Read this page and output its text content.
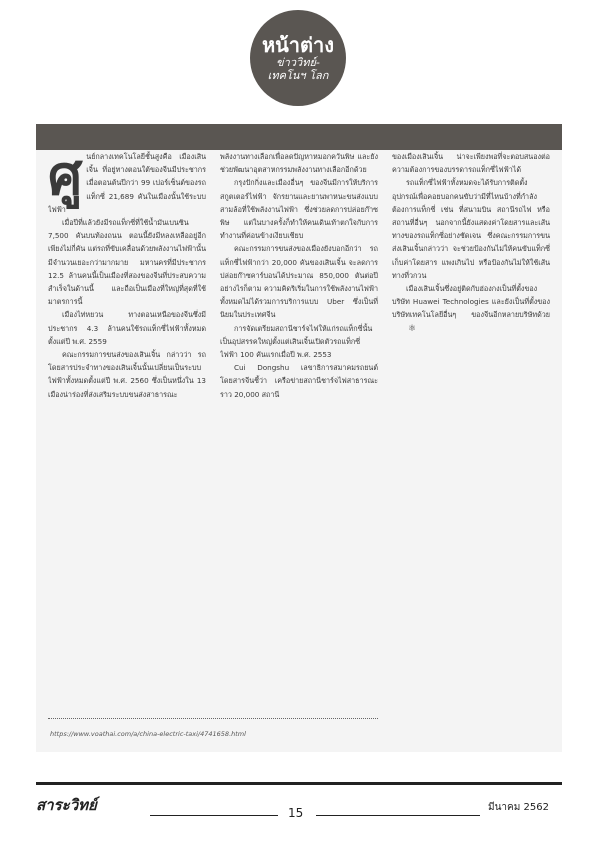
หน้าต่าง
ข่าววิทย์-
เทคโนฯ โลก

ศูนย์กลางเทคโนโลยีชั้นสูงคือ เมืองเสินเจิ้น ที่อยู่ทางตอนใต้ของจีนมีประชากรเมื่อตอนต้นปีกว่า 99 เปอร์เซ็นต์ของรถแท็กซี่ 21,689 คันในเมืองนั้นใช้ระบบไฟฟ้า

เมื่อปีที่แล้วยังมีรถแท็กซี่ที่ใช้น้ำมันเบนซิน 7,500 คันบนท้องถนน ตอนนี้ยังมีหลงเหลืออยู่อีกเพียงไม่กี่คัน แต่รถที่ขับเคลื่อนด้วยพลังงานไฟฟ้านั้นมีจำนวนเยอะกว่ามากมาย มหานครที่มีประชากร 12.5 ล้านคนนี้เป็นเมืองที่สองของจีนที่ประสบความสำเร็จในด้านนี้ และถือเป็นเมืองที่ใหญ่ที่สุดที่ใช้มาตรการนี้

เมืองไท่หยวน ทางตอนเหนือของจีนซึ่งมีประชากร 4.3 ล้านคนใช้รถแท็กซี่ไฟฟ้าทั้งหมดตั้งแต่ปี พ.ศ. 2559

คณะกรรมการขนส่งของเสินเจิ้น กล่าวว่า รถโดยสารประจำทางของเสินเจิ้นนั้นเปลี่ยนเป็นระบบไฟฟ้าทั้งหมดตั้งแต่ปี พ.ศ. 2560 ซึ่งเป็นหนึ่งใน 13 เมืองน่าร่องที่ส่งเสริมระบบขนส่งสาธารณะ

พลังงานทางเลือกเพื่อลดปัญหาหมอกควันพิษ และยังช่วยพัฒนาอุตสาหกรรมพลังงานทางเลือกอีกด้วย

กรุงปักกิ่งและเมืองอื่นๆ ของจีนมีการให้บริการสกูตเตอร์ไฟฟ้า จักรยานและยานพาหนะขนส่งแบบสามล้อที่ใช้พลังงานไฟฟ้า ซึ่งช่วยลดการปล่อยก๊าซพิษ แต่ในบางครั้งก็ทำให้คนเดินเท้าตกใจกับการทำงานที่ค่อนข้างเงียบเชียบ

คณะกรรมการขนส่งของเมืองยังบอกอีกว่า รถแท็กซี่ไฟฟ้ากว่า 20,000 คันของเสินเจิ้น จะลดการปล่อยก๊าซคาร์บอนได้ประมาณ 850,000 ตันต่อปี อย่างไรก็ตาม ความคิดริเริ่มในการใช้พลังงานไฟฟ้าทั้งหมดไม่ได้รวมการบริการแบบ Uber ซึ่งเป็นที่นิยมในประเทศจีน

การจัดเตรียมสถานีชาร์จไฟให้แก่รถแท็กซี่นั้นเป็นอุปสรรคใหญ่ตั้งแต่เสินเจิ้นเปิดตัวรถแท็กซี่ ไฟฟ้า 100 คันแรกเมื่อปี พ.ศ. 2553

Cui Dongshu เลขาธิการสมาคมรถยนต์โดยสารจีนชี้ว่า เครือข่ายสถานีชาร์จไฟสาธารณะราว 20,000 สถานี

ของเมืองเสินเจิ้น น่าจะเพียงพอที่จะตอบสนองต่อความต้องการของบรรดารถแท็กซี่ไฟฟ้าได้

รถแท็กซี่ไฟฟ้าทั้งหมดจะได้รับการติดตั้งอุปกรณ์เพื่อคอยบอกคนขับว่ามีที่ไหนบ้างที่กำลังต้องการแท็กซี่ เช่น ที่สนามบิน สถานีรถไฟ หรือสถานที่อื่นๆ นอกจากนี้ยังแสดงค่าโดยสารและเส้นทางของรถแท็กซี่อย่างชัดเจน ซึ่งคณะกรรมการขนส่งเสินเจิ้นกล่าวว่า จะช่วยป้องกันไม่ให้คนขับแท็กซี่เก็บค่าโดยสาร แพงเกินไป หรือป้องกันไม่ให้ใช้เส้นทางที่วกวน

เมืองเสินเจิ้นซึ่งอยู่ติดกับฮ่องกงเป็นที่ตั้งของบริษัท Huawei Technologies และยังเป็นที่ตั้งของบริษัทเทคโนโลยีอื่นๆ ของจีนอีกหลายบริษัทด้วย⚛

https://www.voathai.com/a/china-electric-taxi/4741658.html
สาระวิทย์	15	มีนาคม 2562
